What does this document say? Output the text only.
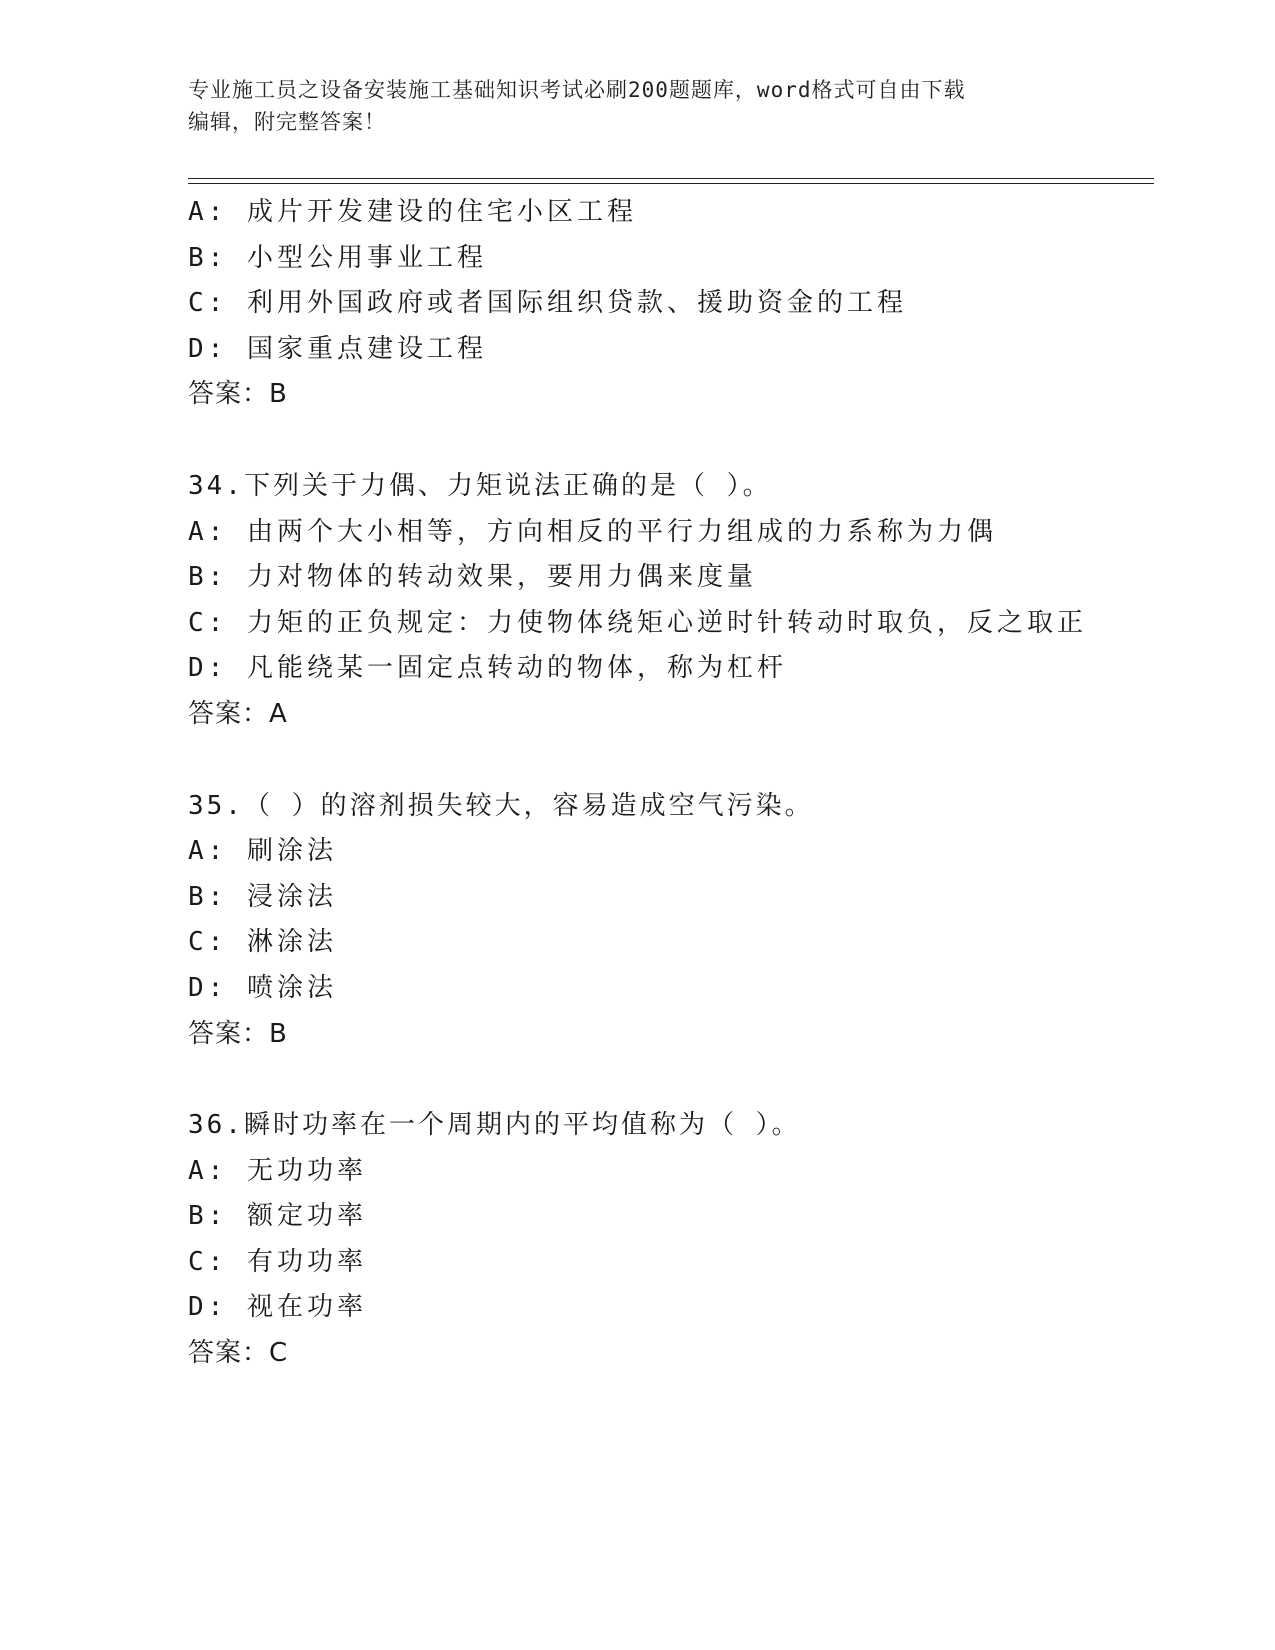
专业施工员之设备安装施工基础知识考试必刷200题题库，word格式可自由下载
编辑，附完整答案！
A: 成片开发建设的住宅小区工程
B: 小型公用事业工程
C: 利用外国政府或者国际组织贷款、援助资金的工程
D: 国家重点建设工程
答案：B
34.下列关于力偶、力矩说法正确的是（ ）。
A: 由两个大小相等，方向相反的平行力组成的力系称为力偶
B: 力对物体的转动效果，要用力偶来度量
C: 力矩的正负规定：力使物体绕矩心逆时针转动时取负，反之取正
D: 凡能绕某一固定点转动的物体，称为杠杆
答案：A
35.（ ）的溶剂损失较大，容易造成空气污染。
A: 刷涂法
B: 浸涂法
C: 淋涂法
D: 喷涂法
答案：B
36.瞬时功率在一个周期内的平均值称为（ ）。
A: 无功功率
B: 额定功率
C: 有功功率
D: 视在功率
答案：C
